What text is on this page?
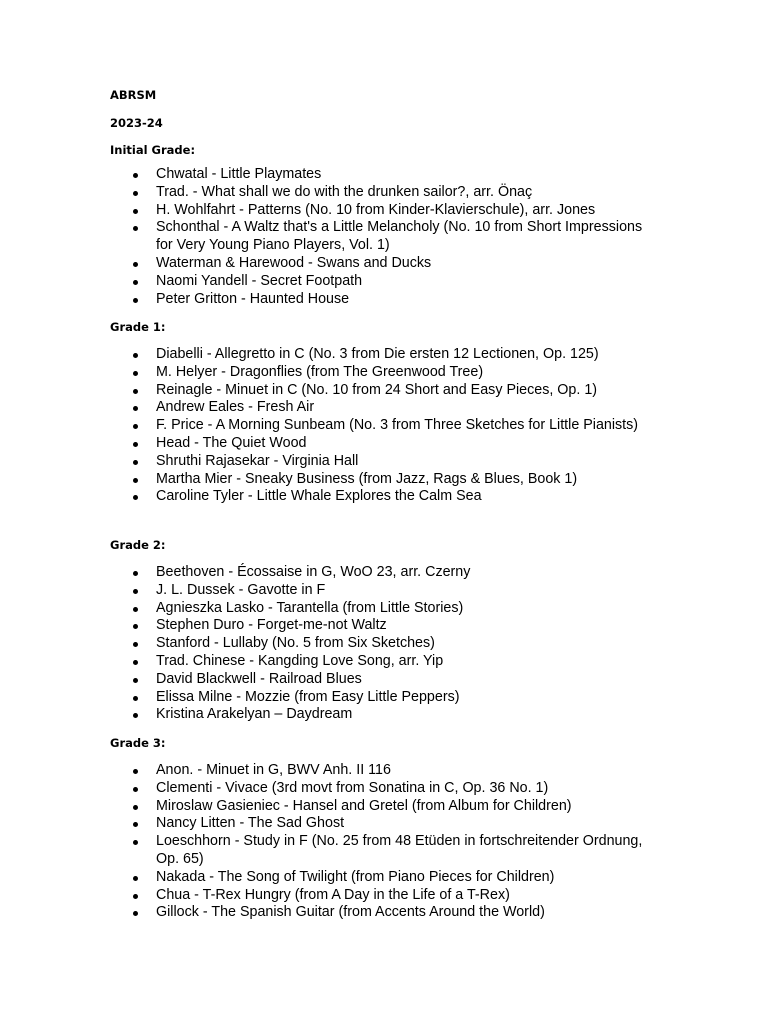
ABRSM
2023-24
Initial Grade:
Chwatal - Little Playmates
Trad. - What shall we do with the drunken sailor?, arr. Önaç
H. Wohlfahrt - Patterns (No. 10 from Kinder-Klavierschule), arr. Jones
Schonthal - A Waltz that's a Little Melancholy (No. 10 from Short Impressions for Very Young Piano Players, Vol. 1)
Waterman & Harewood - Swans and Ducks
Naomi Yandell - Secret Footpath
Peter Gritton - Haunted House
Grade 1:
Diabelli - Allegretto in C (No. 3 from Die ersten 12 Lectionen, Op. 125)
M. Helyer - Dragonflies (from The Greenwood Tree)
Reinagle - Minuet in C (No. 10 from 24 Short and Easy Pieces, Op. 1)
Andrew Eales - Fresh Air
F. Price - A Morning Sunbeam (No. 3 from Three Sketches for Little Pianists)
Head - The Quiet Wood
Shruthi Rajasekar - Virginia Hall
Martha Mier - Sneaky Business (from Jazz, Rags & Blues, Book 1)
Caroline Tyler - Little Whale Explores the Calm Sea
Grade 2:
Beethoven - Écossaise in G, WoO 23, arr. Czerny
J. L. Dussek - Gavotte in F
Agnieszka Lasko - Tarantella (from Little Stories)
Stephen Duro - Forget-me-not Waltz
Stanford - Lullaby (No. 5 from Six Sketches)
Trad. Chinese - Kangding Love Song, arr. Yip
David Blackwell - Railroad Blues
Elissa Milne - Mozzie (from Easy Little Peppers)
Kristina Arakelyan – Daydream
Grade 3:
Anon. - Minuet in G, BWV Anh. II 116
Clementi - Vivace (3rd movt from Sonatina in C, Op. 36 No. 1)
Miroslaw Gasieniec - Hansel and Gretel (from Album for Children)
Nancy Litten - The Sad Ghost
Loeschhorn - Study in F (No. 25 from 48 Etüden in fortschreitender Ordnung, Op. 65)
Nakada - The Song of Twilight (from Piano Pieces for Children)
Chua - T-Rex Hungry (from A Day in the Life of a T-Rex)
Gillock - The Spanish Guitar (from Accents Around the World)
